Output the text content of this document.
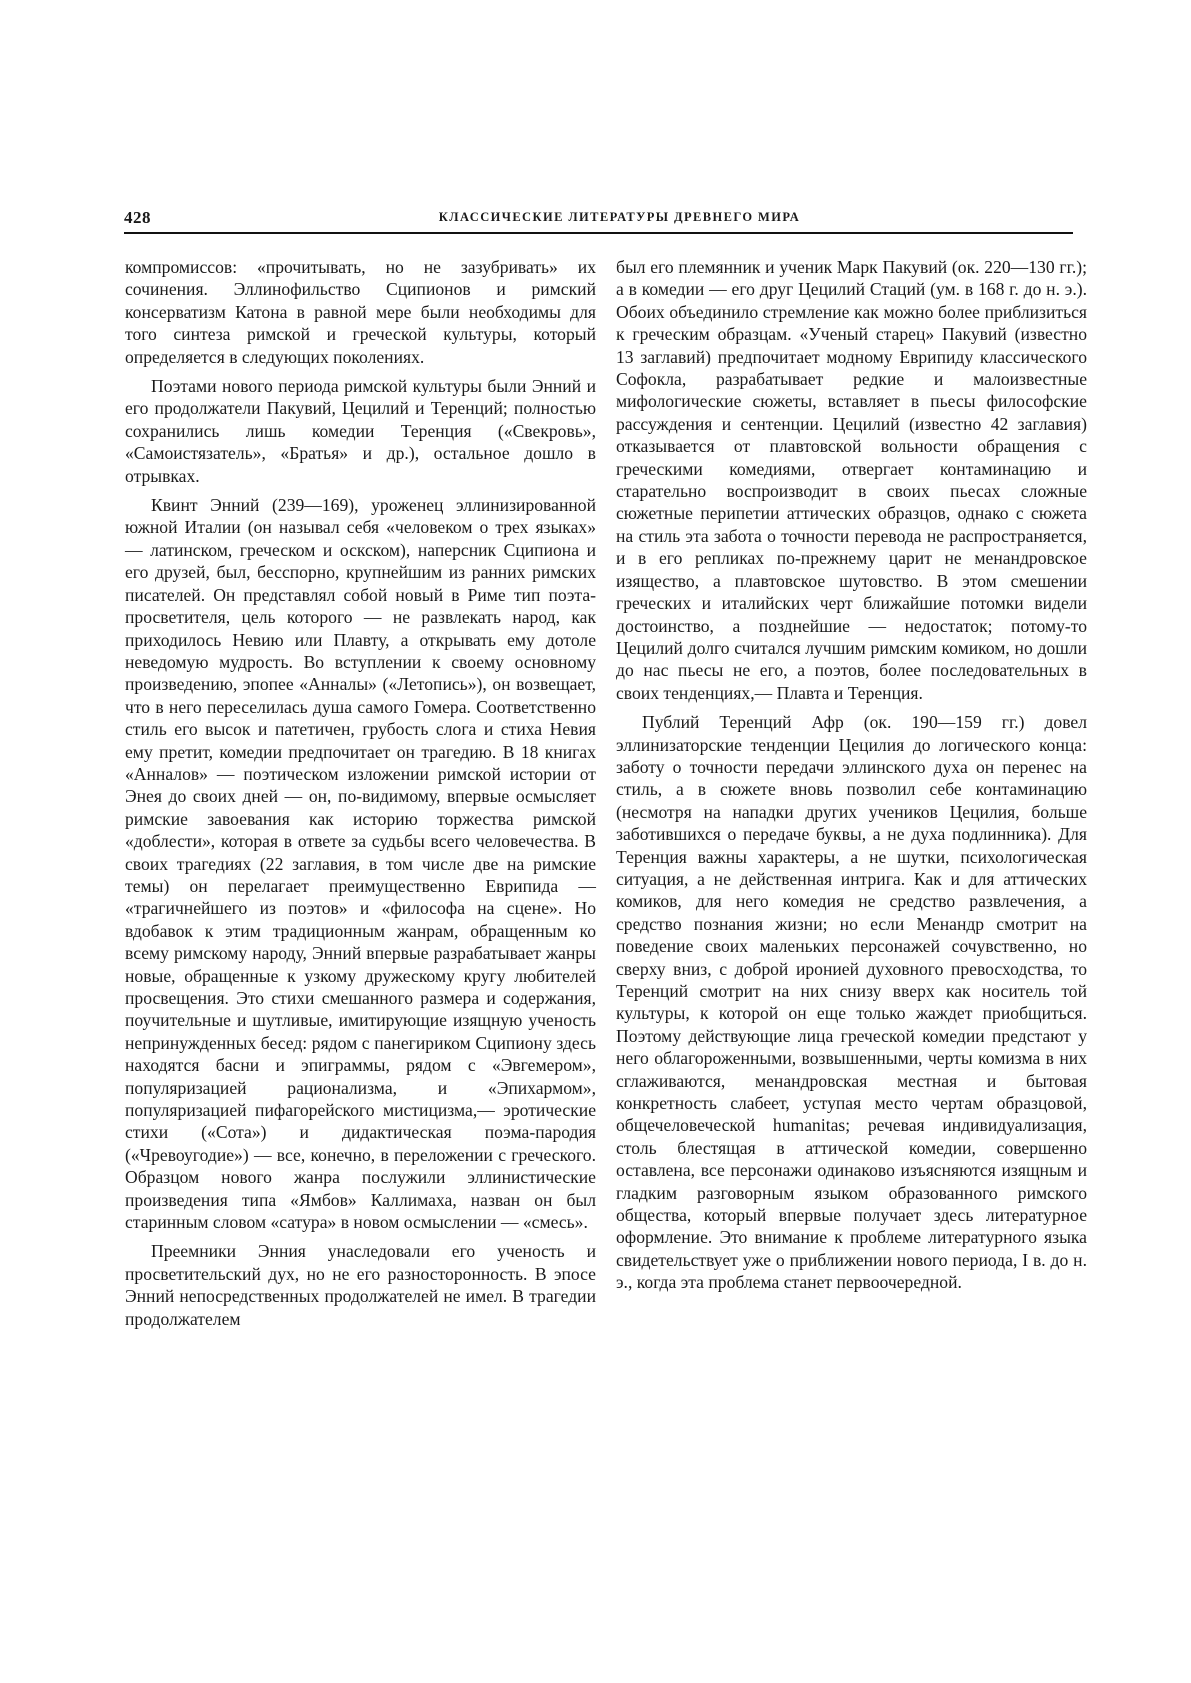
428	КЛАССИЧЕСКИЕ ЛИТЕРАТУРЫ ДРЕВНЕГО МИРА

компромиссов: «прочитывать, но не зазубривать» их сочинения. Эллинофильство Сципионов и римский консерватизм Катона в равной мере были необходимы для того синтеза римской и греческой культуры, который определяется в следующих поколениях.

Поэтами нового периода римской культуры были Энний и его продолжатели Пакувий, Цецилий и Теренций; полностью сохранились лишь комедии Теренция («Свекровь», «Самоистязатель», «Братья» и др.), остальное дошло в отрывках.

Квинт Энний (239—169), уроженец эллинизированной южной Италии (он называл себя «человеком о трех языках» — латинском, греческом и оскском), наперсник Сципиона и его друзей, был, бесспорно, крупнейшим из ранних римских писателей. Он представлял собой новый в Риме тип поэта-просветителя, цель которого — не развлекать народ, как приходилось Невию или Плавту, а открывать ему дотоле неведомую мудрость. Во вступлении к своему основному произведению, эпопее «Анналы» («Летопись»), он возвещает, что в него переселилась душа самого Гомера. Соответственно стиль его высок и патетичен, грубость слога и стиха Невия ему претит, комедии предпочитает он трагедию. В 18 книгах «Анналов» — поэтическом изложении римской истории от Энея до своих дней — он, по-видимому, впервые осмысляет римские завоевания как историю торжества римской «доблести», которая в ответе за судьбы всего человечества. В своих трагедиях (22 заглавия, в том числе две на римские темы) он перелагает преимущественно Еврипида — «трагичнейшего из поэтов» и «философа на сцене». Но вдобавок к этим традиционным жанрам, обращенным ко всему римскому народу, Энний впервые разрабатывает жанры новые, обращенные к узкому дружескому кругу любителей просвещения. Это стихи смешанного размера и содержания, поучительные и шутливые, имитирующие изящную ученость непринужденных бесед: рядом с панегириком Сципиону здесь находятся басни и эпиграммы, рядом с «Эвгемером», популяризацией рационализма, и «Эпихармом», популяризацией пифагорейского мистицизма,— эротические стихи («Сота») и дидактическая поэма-пародия («Чревоугодие») — все, конечно, в переложении с греческого. Образцом нового жанра послужили эллинистические произведения типа «Ямбов» Каллимаха, назван он был старинным словом «сатура» в новом осмыслении — «смесь».

Преемники Энния унаследовали его ученость и просветительский дух, но не его разносторонность. В эпосе Энний непосредственных продолжателей не имел. В трагедии продолжателем

был его племянник и ученик Марк Пакувий (ок. 220—130 гг.); а в комедии — его друг Цецилий Стаций (ум. в 168 г. до н. э.). Обоих объединило стремление как можно более приблизиться к греческим образцам. «Ученый старец» Пакувий (известно 13 заглавий) предпочитает модному Еврипиду классического Софокла, разрабатывает редкие и малоизвестные мифологические сюжеты, вставляет в пьесы философские рассуждения и сентенции. Цецилий (известно 42 заглавия) отказывается от плавтовской вольности обращения с греческими комедиями, отвергает контаминацию и старательно воспроизводит в своих пьесах сложные сюжетные перипетии аттических образцов, однако с сюжета на стиль эта забота о точности перевода не распространяется, и в его репликах по-прежнему царит не менандровское изящество, а плавтовское шутовство. В этом смешении греческих и италийских черт ближайшие потомки видели достоинство, а позднейшие — недостаток; потому-то Цецилий долго считался лучшим римским комиком, но дошли до нас пьесы не его, а поэтов, более последовательных в своих тенденциях,— Плавта и Теренция.

Публий Теренций Афр (ок. 190—159 гг.) довел эллинизаторские тенденции Цецилия до логического конца: заботу о точности передачи эллинского духа он перенес на стиль, а в сюжете вновь позволил себе контаминацию (несмотря на нападки других учеников Цецилия, больше заботившихся о передаче буквы, а не духа подлинника). Для Теренция важны характеры, а не шутки, психологическая ситуация, а не действенная интрига. Как и для аттических комиков, для него комедия не средство развлечения, а средство познания жизни; но если Менандр смотрит на поведение своих маленьких персонажей сочувственно, но сверху вниз, с доброй иронией духовного превосходства, то Теренций смотрит на них снизу вверх как носитель той культуры, к которой он еще только жаждет приобщиться. Поэтому действующие лица греческой комедии предстают у него облагороженными, возвышенными, черты комизма в них сглаживаются, менандровская местная и бытовая конкретность слабеет, уступая место чертам образцовой, общечеловеческой humanitas; речевая индивидуализация, столь блестящая в аттической комедии, совершенно оставлена, все персонажи одинаково изъясняются изящным и гладким разговорным языком образованного римского общества, который впервые получает здесь литературное оформление. Это внимание к проблеме литературного языка свидетельствует уже о приближении нового периода, I в. до н. э., когда эта проблема станет первоочередной.
